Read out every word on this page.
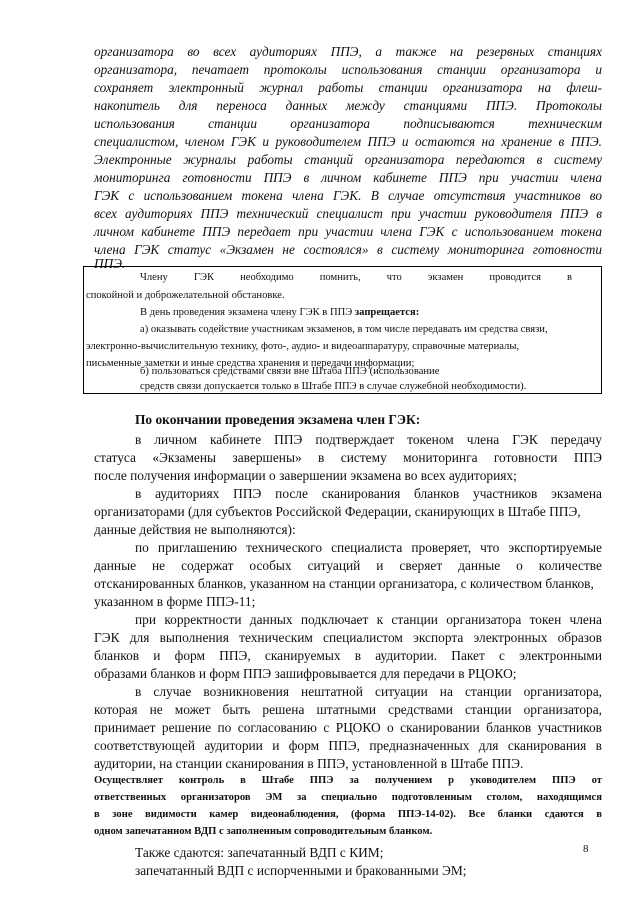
организатора во всех аудиториях ППЭ, а также на резервных станциях
организатора, печатает протоколы использования станции организатора и
сохраняет электронный журнал работы станции организатора на флеш-
накопитель для переноса данных между станциями ППЭ. Протоколы
использования станции организатора подписываются техническим
специалистом, членом ГЭК и руководителем ППЭ и остаются на хранение в ППЭ.
Электронные журналы работы станций организатора передаются в систему
мониторинга готовности ППЭ в личном кабинете ППЭ при участии члена
ГЭК с использованием токена члена ГЭК. В случае отсутствия участников во
всех аудиториях ППЭ технический специалист при участии руководителя ППЭ в
личном кабинете ППЭ передает при участии члена ГЭК с использованием токена
члена ГЭК статус «Экзамен не состоялся» в систему мониторинга готовности
ППЭ.
Члену ГЭК необходимо помнить, что экзамен проводится в
спокойной и доброжелательной обстановке.
В день проведения экзамена члену ГЭК в ППЭ запрещается:
а) оказывать содействие участникам экзаменов, в том числе передавать им средства связи,
электронно-вычислительную технику, фото-, аудио- и видеоаппаратуру, справочные материалы,
письменные заметки и иные средства хранения и передачи информации;
б) пользоваться средствами связи вне Штаба ППЭ (использование
средств связи допускается только в Штабе ППЭ в случае служебной необходимости).
По окончании проведения экзамена член ГЭК:
в личном кабинете ППЭ подтверждает токеном члена ГЭК передачу
статуса «Экзамены завершены» в систему мониторинга готовности ППЭ
после получения информации о завершении экзамена во всех аудиториях;
в аудиториях ППЭ после сканирования бланков участников экзамена
организаторами (для субъектов Российской Федерации, сканирующих в Штабе ППЭ,
данные действия не выполняются):
по приглашению технического специалиста проверяет, что экспортируемые
данные не содержат особых ситуаций и сверяет данные о количестве
отсканированных бланков, указанном на станции организатора, с количеством бланков,
указанном в форме ППЭ-11;
при корректности данных подключает к станции организатора токен члена
ГЭК для выполнения техническим специалистом экспорта электронных образов
бланков и форм ППЭ, сканируемых в аудитории. Пакет с электронными
образами бланков и форм ППЭ зашифровывается для передачи в РЦОКО;
в случае возникновения нештатной ситуации на станции организатора,
которая не может быть решена штатными средствами станции организатора,
принимает решение по согласованию с РЦОКО о сканировании бланков участников
соответствующей аудитории и форм ППЭ, предназначенных для сканирования в
аудитории, на станции сканирования в ППЭ, установленной в Штабе ППЭ.
Осуществляет контроль в Штабе ППЭ за получением р уководителем ППЭ от
ответственных организаторов ЭМ за специально подготовленным столом, находящимся
в зоне видимости камер видеонаблюдения, (форма ППЭ-14-02). Все бланки сдаются в
одном запечатанном ВДП с заполненным сопроводительным бланком.
Также сдаются: запечатанный ВДП с КИМ;
запечатанный ВДП с испорченными и бракованными ЭМ;
8
